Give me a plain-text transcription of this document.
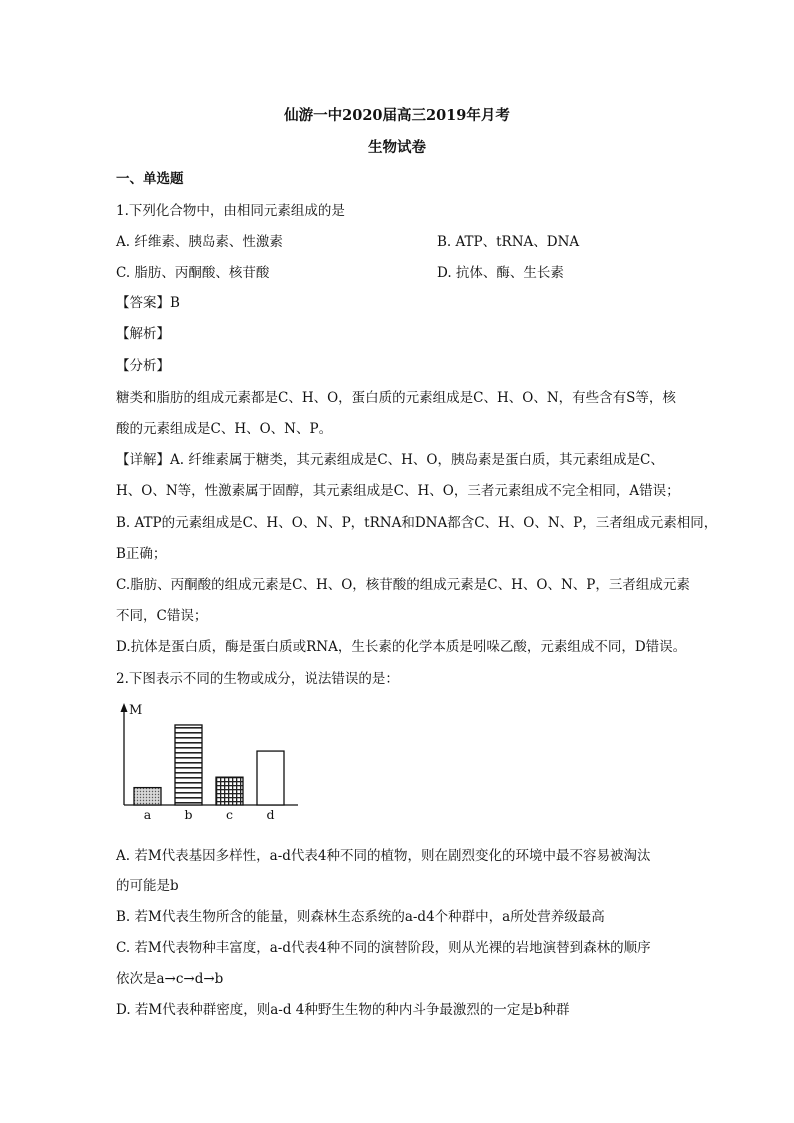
仙游一中2020届高三2019年月考
生物试卷
一、单选题
1.下列化合物中，由相同元素组成的是
A. 纤维素、胰岛素、性激素	B. ATP、tRNA、DNA
C. 脂肪、丙酮酸、核苷酸	D. 抗体、酶、生长素
【答案】B
【解析】
【分析】
糖类和脂肪的组成元素都是C、H、O，蛋白质的元素组成是C、H、O、N，有些含有S等，核
酸的元素组成是C、H、O、N、P。
【详解】A. 纤维素属于糖类，其元素组成是C、H、O，胰岛素是蛋白质，其元素组成是C、
H、O、N等，性激素属于固醇，其元素组成是C、H、O，三者元素组成不完全相同，A错误；
B. ATP的元素组成是C、H、O、N、P，tRNA和DNA都含C、H、O、N、P，三者组成元素相同，
B正确；
C.脂肪、丙酮酸的组成元素是C、H、O，核苷酸的组成元素是C、H、O、N、P，三者组成元素
不同，C错误；
D.抗体是蛋白质，酶是蛋白质或RNA，生长素的化学本质是吲哚乙酸，元素组成不同，D错误。
2.下图表示不同的生物或成分，说法错误的是：
M
a	b	c	d
A. 若M代表基因多样性，a-d代表4种不同的植物，则在剧烈变化的环境中最不容易被淘汰
的可能是b
B. 若M代表生物所含的能量，则森林生态系统的a-d4个种群中，a所处营养级最高
C. 若M代表物种丰富度，a-d代表4种不同的演替阶段，则从光裸的岩地演替到森林的顺序
依次是a→c→d→b
D. 若M代表种群密度，则a-d 4种野生生物的种内斗争最激烈的一定是b种群
